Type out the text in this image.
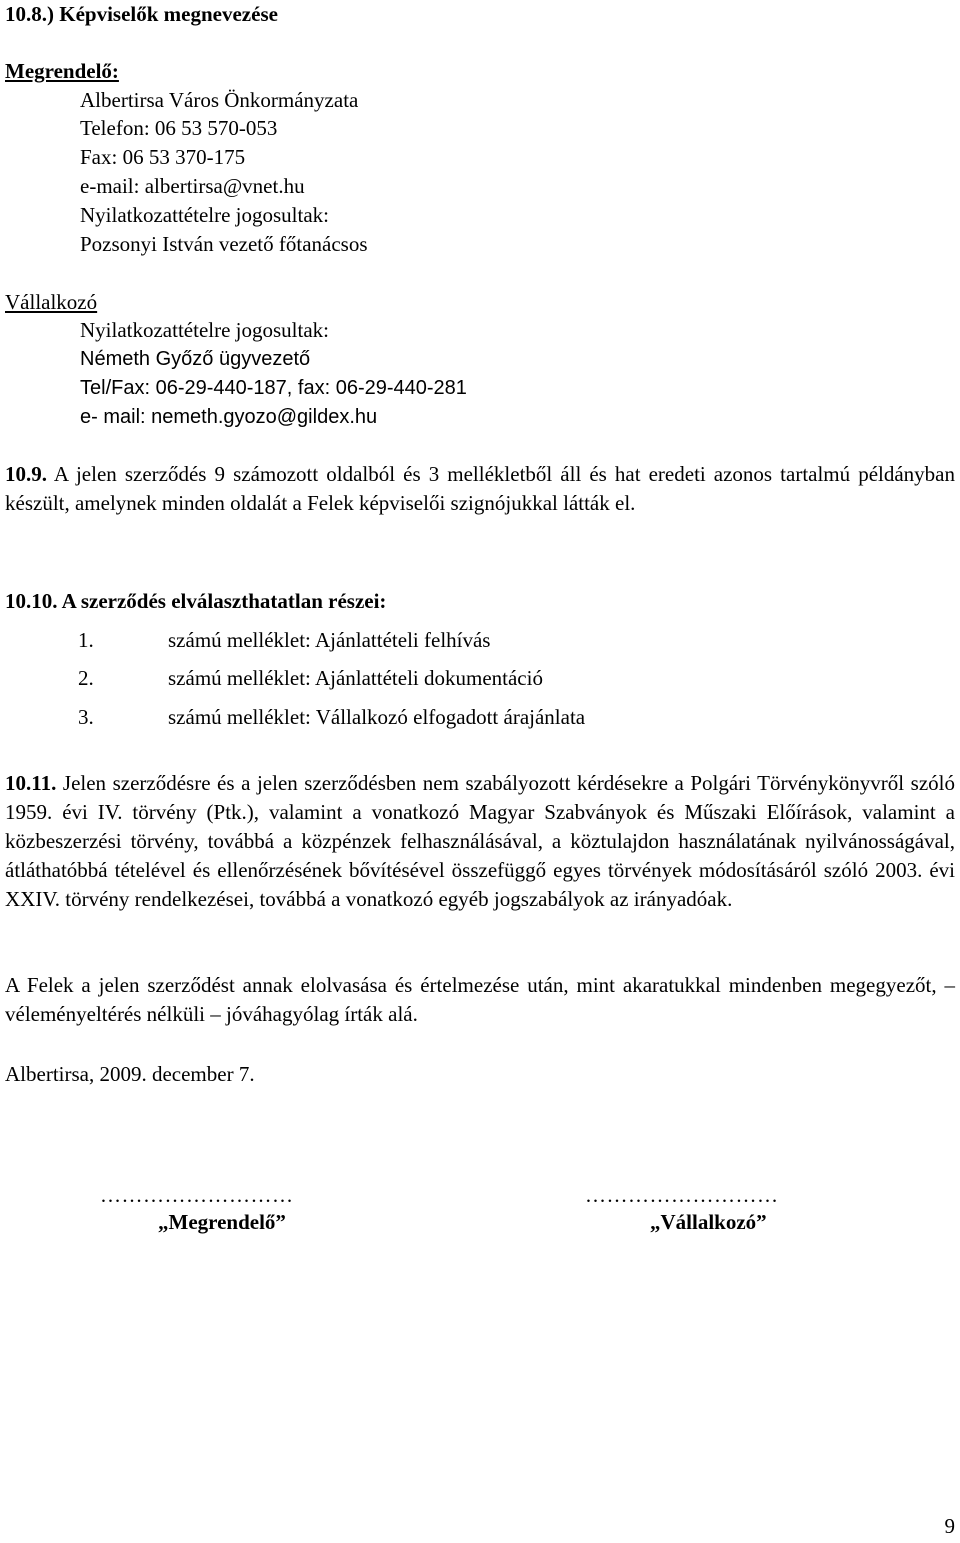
10.8.) Képviselők megnevezése
Megrendelő:
Albertirsa Város Önkormányzata
Telefon: 06 53 570-053
Fax: 06 53 370-175
e-mail: albertirsa@vnet.hu
Nyilatkozattételre jogosultak:
Pozsonyi István vezető főtanácsos
Vállalkozó
Nyilatkozattételre jogosultak:
Németh Győző ügyvezető
Tel/Fax: 06-29-440-187, fax: 06-29-440-281
e- mail: nemeth.gyozo@gildex.hu
10.9. A jelen szerződés 9 számozott oldalból és 3 mellékletből áll és hat eredeti azonos tartalmú példányban készült, amelynek minden oldalát a Felek képviselői szignójukkal látták el.
10.10. A szerződés elválaszthatatlan részei:
1.	számú melléklet: Ajánlattételi felhívás
2.	számú melléklet: Ajánlattételi dokumentáció
3.	számú melléklet: Vállalkozó elfogadott árajánlata
10.11. Jelen szerződésre és a jelen szerződésben nem szabályozott kérdésekre a Polgári Törvénykönyvről szóló 1959. évi IV. törvény (Ptk.), valamint a vonatkozó Magyar Szabványok és Műszaki Előírások, valamint a közbeszerzési törvény, továbbá a közpénzek felhasználásával, a köztulajdon használatának nyilvánosságával, átláthatóbbá tételével és ellenőrzésének bővítésével összefüggő egyes törvények módosításáról szóló 2003. évi XXIV. törvény rendelkezései, továbbá a vonatkozó egyéb jogszabályok az irányadóak.
A Felek a jelen szerződést annak elolvasása és értelmezése után, mint akaratukkal mindenben megegyezőt, – véleményeltérés nélküli – jóváhagyólag írták alá.
Albertirsa, 2009. december 7.
………………………
„Megrendelő”
………………………
„Vállalkozó”
9
